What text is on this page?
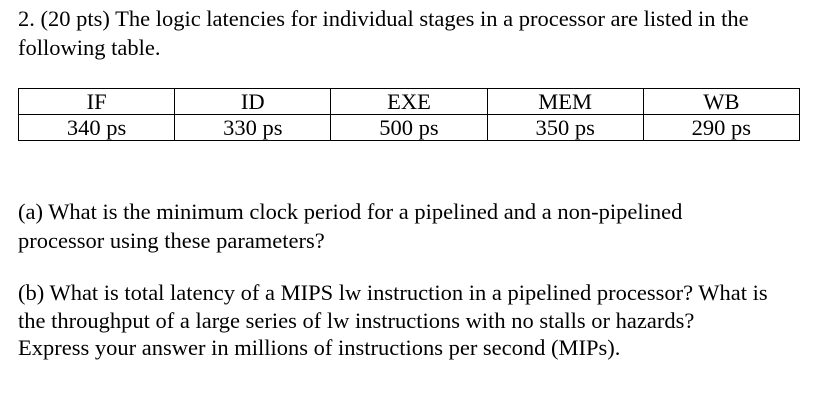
2. (20 pts) The logic latencies for individual stages in a processor are listed in the
following table.

IF	ID	EXE	MEM	WB
340 ps	330 ps	500 ps	350 ps	290 ps

(a) What is the minimum clock period for a pipelined and a non-pipelined
processor using these parameters?

(b) What is total latency of a MIPS lw instruction in a pipelined processor? What is
the throughput of a large series of lw instructions with no stalls or hazards?
Express your answer in millions of instructions per second (MIPs).
